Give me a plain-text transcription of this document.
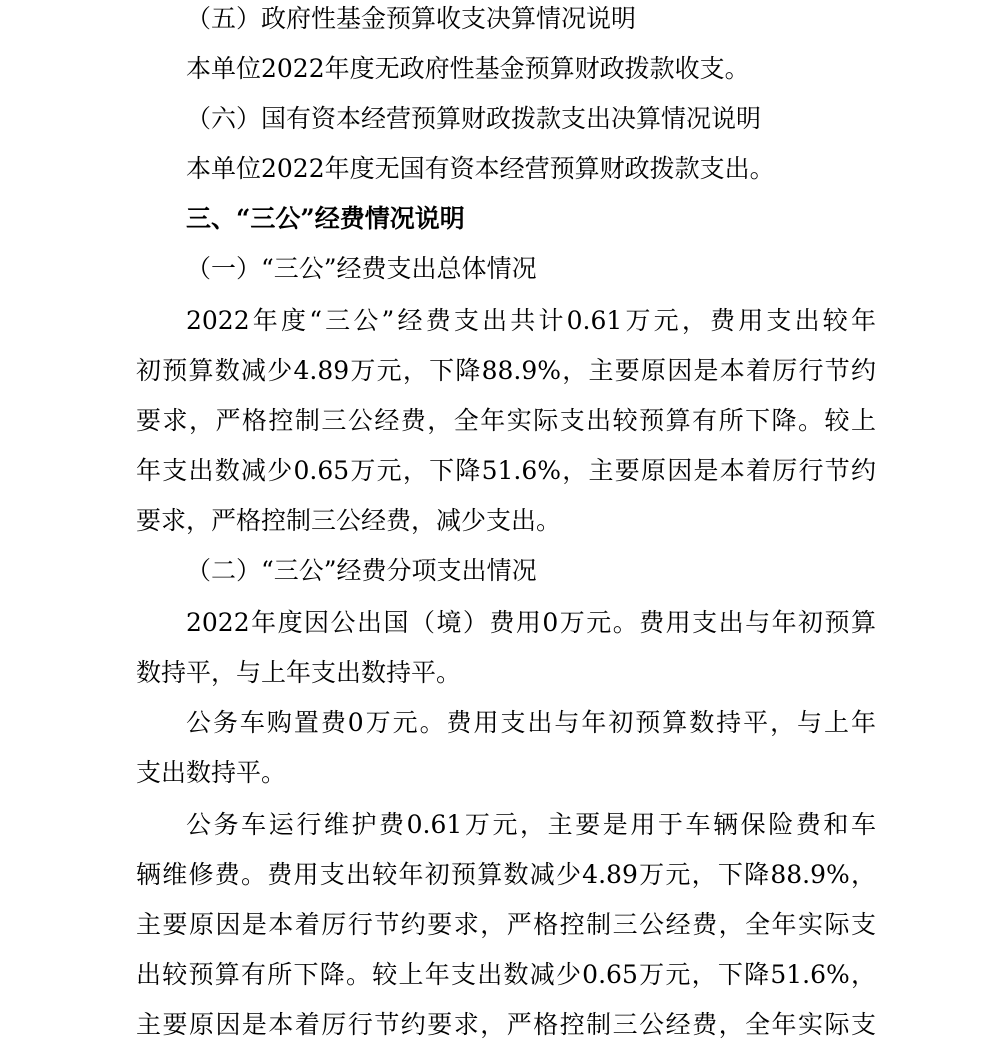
（五）政府性基金预算收支决算情况说明
本单位2022年度无政府性基金预算财政拨款收支。
（六）国有资本经营预算财政拨款支出决算情况说明
本单位2022年度无国有资本经营预算财政拨款支出。
三、“三公”经费情况说明
（一）“三公”经费支出总体情况
2022年度“三公”经费支出共计0.61万元，费用支出较年
初预算数减少4.89万元，下降88.9%，主要原因是本着厉行节约
要求，严格控制三公经费，全年实际支出较预算有所下降。较上
年支出数减少0.65万元，下降51.6%，主要原因是本着厉行节约
要求，严格控制三公经费，减少支出。
（二）“三公”经费分项支出情况
2022年度因公出国（境）费用0万元。费用支出与年初预算
数持平，与上年支出数持平。
公务车购置费0万元。费用支出与年初预算数持平，与上年
支出数持平。
公务车运行维护费0.61万元，主要是用于车辆保险费和车
辆维修费。费用支出较年初预算数减少4.89万元，下降88.9%，
主要原因是本着厉行节约要求，严格控制三公经费，全年实际支
出较预算有所下降。较上年支出数减少0.65万元，下降51.6%，
主要原因是本着厉行节约要求，严格控制三公经费，全年实际支
